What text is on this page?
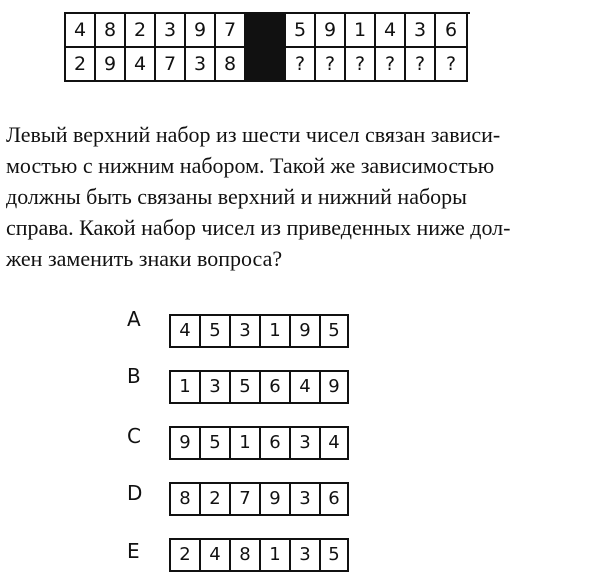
4 8 2 3 9 7	5 9 1 4 3 6
2 9 4 7 3 8	?	?	?	?	?	?
Левый верхний набор из шести чисел связан зависи-
мостью с нижним набором. Такой же зависимостью
должны быть связаны верхний и нижний наборы
справа. Какой набор чисел из приведенных ниже дол-
жен заменить знаки вопроса?
A	4	5	3	1	9 5
B	1	3	5	6	4 9
C	9	5	1	6	3 4
D	8	2	7	9	3 6
E	2	4	8	1	3 5
